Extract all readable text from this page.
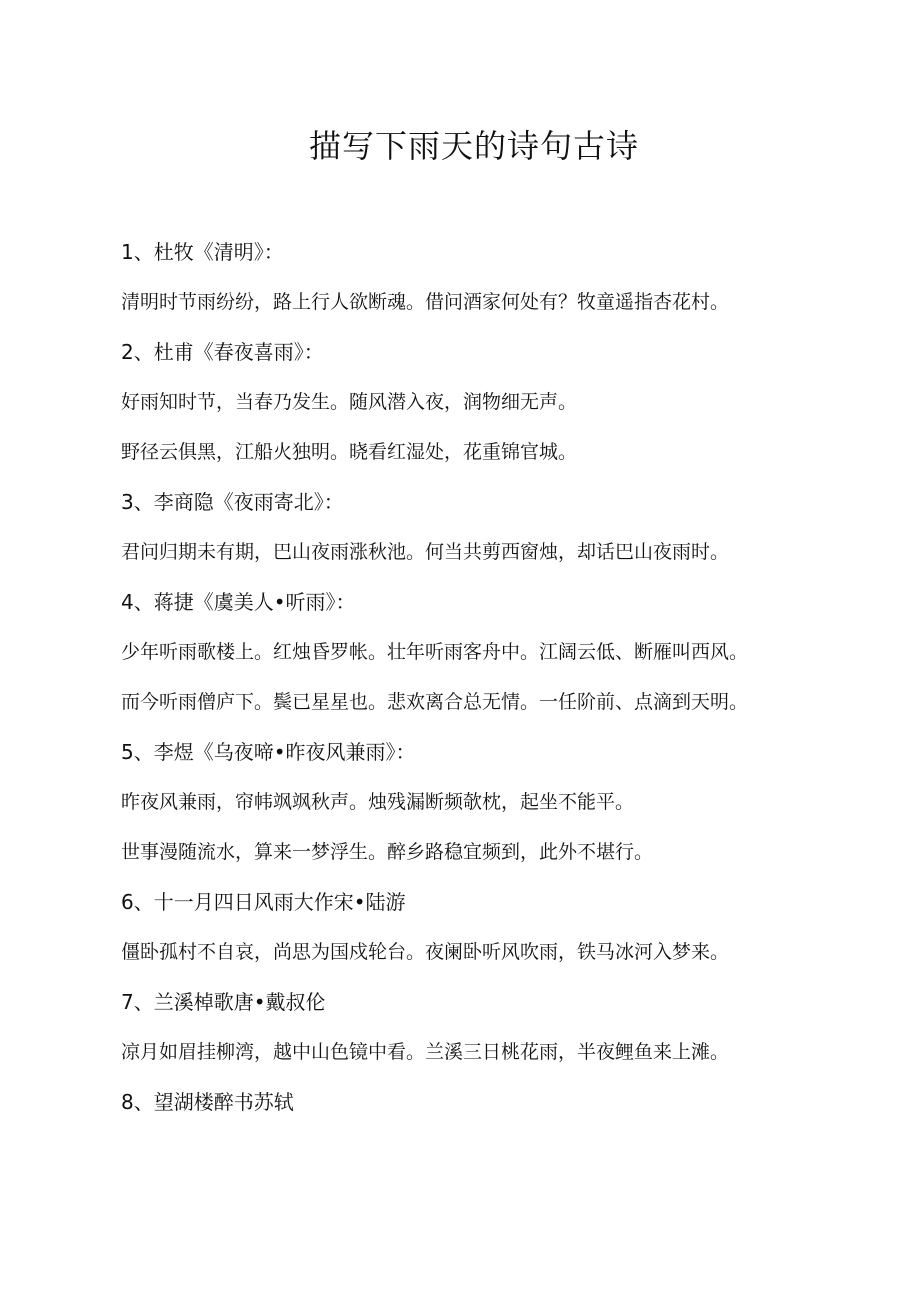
描写下雨天的诗句古诗

1、杜牧《清明》：

清明时节雨纷纷，路上行人欲断魂。借问酒家何处有？牧童遥指杏花村。

2、杜甫《春夜喜雨》：

好雨知时节，当春乃发生。随风潜入夜，润物细无声。

野径云俱黑，江船火独明。晓看红湿处，花重锦官城。

3、李商隐《夜雨寄北》：

君问归期未有期，巴山夜雨涨秋池。何当共剪西窗烛，却话巴山夜雨时。

4、蒋捷《虞美人•听雨》：

少年听雨歌楼上。红烛昏罗帐。壮年听雨客舟中。江阔云低、断雁叫西风。

而今听雨僧庐下。鬓已星星也。悲欢离合总无情。一任阶前、点滴到天明。

5、李煜《乌夜啼•昨夜风兼雨》：

昨夜风兼雨，帘帏飒飒秋声。烛残漏断频欹枕，起坐不能平。

世事漫随流水，算来一梦浮生。醉乡路稳宜频到，此外不堪行。

6、十一月四日风雨大作宋•陆游

僵卧孤村不自哀，尚思为国戍轮台。夜阑卧听风吹雨，铁马冰河入梦来。

7、兰溪棹歌唐•戴叔伦

凉月如眉挂柳湾，越中山色镜中看。兰溪三日桃花雨，半夜鲤鱼来上滩。

8、望湖楼醉书苏轼
